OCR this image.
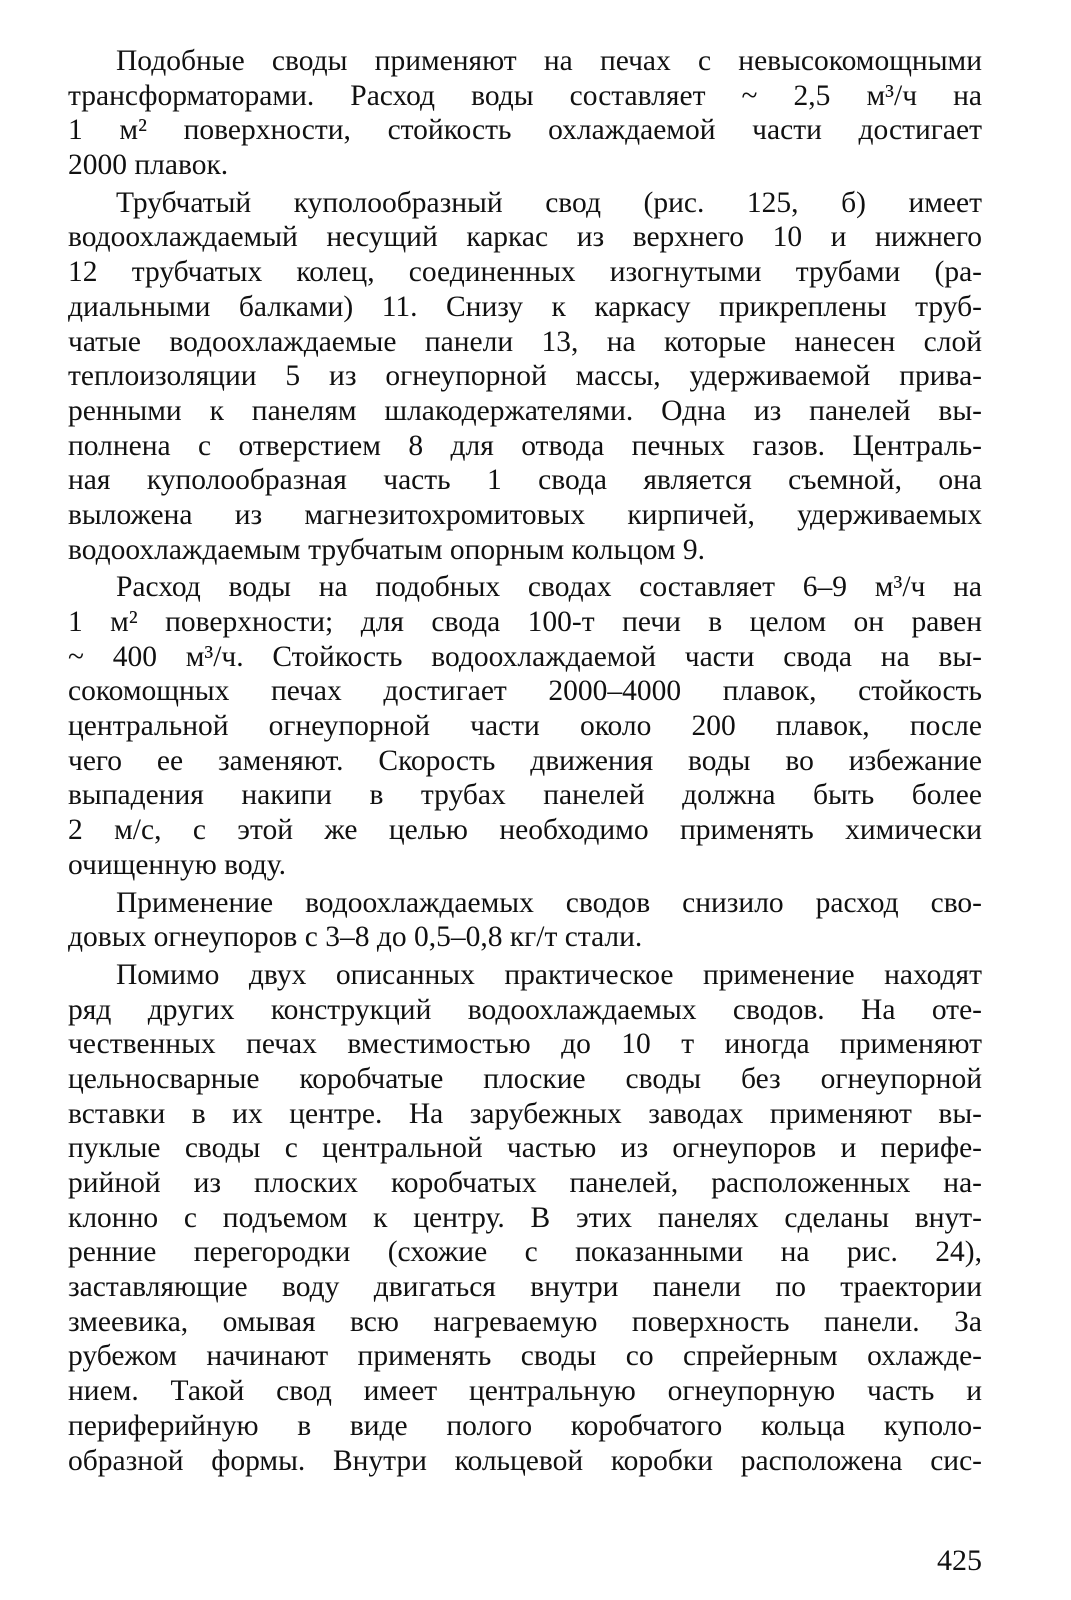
Подобные своды применяют на печах с невысокомощными
трансформаторами. Расход воды составляет ~ 2,5 м³/ч на
1 м² поверхности, стойкость охлаждаемой части достигает
2000 плавок.
Трубчатый куполообразный свод (рис. 125, б) имеет
водоохлаждаемый несущий каркас из верхнего 10 и нижнего
12 трубчатых колец, соединенных изогнутыми трубами (ра-
диальными балками) 11. Снизу к каркасу прикреплены труб-
чатые водоохлаждаемые панели 13, на которые нанесен слой
теплоизоляции 5 из огнеупорной массы, удерживаемой прива-
ренными к панелям шлакодержателями. Одна из панелей вы-
полнена с отверстием 8 для отвода печных газов. Централь-
ная куполообразная часть 1 свода является съемной, она
выложена из магнезитохромитовых кирпичей, удерживаемых
водоохлаждаемым трубчатым опорным кольцом 9.
Расход воды на подобных сводах составляет 6–9 м³/ч на
1 м² поверхности; для свода 100-т печи в целом он равен
~ 400 м³/ч. Стойкость водоохлаждаемой части свода на вы-
сокомощных печах достигает 2000–4000 плавок, стойкость
центральной огнеупорной части около 200 плавок, после
чего ее заменяют. Скорость движения воды во избежание
выпадения накипи в трубах панелей должна быть более
2 м/с, с этой же целью необходимо применять химически
очищенную воду.
Применение водоохлаждаемых сводов снизило расход сво-
довых огнеупоров с 3–8 до 0,5–0,8 кг/т стали.
Помимо двух описанных практическое применение находят
ряд других конструкций водоохлаждаемых сводов. На оте-
чественных печах вместимостью до 10 т иногда применяют
цельносварные коробчатые плоские своды без огнеупорной
вставки в их центре. На зарубежных заводах применяют вы-
пуклые своды с центральной частью из огнеупоров и перифе-
рийной из плоских коробчатых панелей, расположенных на-
клонно с подъемом к центру. В этих панелях сделаны внут-
ренние перегородки (схожие с показанными на рис. 24),
заставляющие воду двигаться внутри панели по траектории
змеевика, омывая всю нагреваемую поверхность панели. За
рубежом начинают применять своды со спрейерным охлажде-
нием. Такой свод имеет центральную огнеупорную часть и
периферийную в виде полого коробчатого кольца куполо-
образной формы. Внутри кольцевой коробки расположена сис-
425
